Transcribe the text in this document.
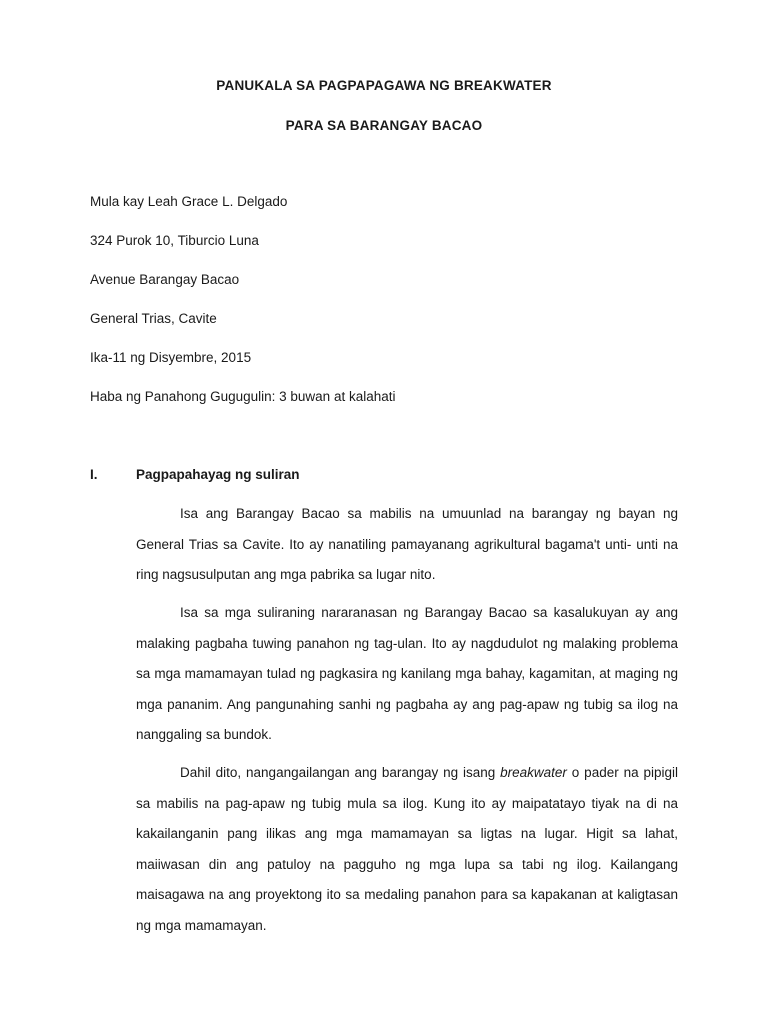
PANUKALA SA PAGPAPAGAWA NG BREAKWATER
PARA SA BARANGAY BACAO
Mula kay Leah Grace L. Delgado
324 Purok 10, Tiburcio Luna
Avenue Barangay Bacao
General Trias, Cavite
Ika-11 ng Disyembre, 2015
Haba ng Panahong Gugugulin: 3 buwan at kalahati
I.	Pagpapahayag ng suliran

Isa ang Barangay Bacao sa mabilis na umuunlad na barangay ng bayan ng General Trias sa Cavite. Ito ay nanatiling pamayanang agrikultural bagama't unti- unti na ring nagsusulputan ang mga pabrika sa lugar nito.

Isa sa mga suliraning nararanasan ng Barangay Bacao sa kasalukuyan ay ang malaking pagbaha tuwing panahon ng tag-ulan. Ito ay nagdudulot ng malaking problema sa mga mamamayan tulad ng pagkasira ng kanilang mga bahay, kagamitan, at maging ng mga pananim. Ang pangunahing sanhi ng pagbaha ay ang pag-apaw ng tubig sa ilog na nanggaling sa bundok.

Dahil dito, nangangailangan ang barangay ng isang breakwater o pader na pipigil sa mabilis na pag-apaw ng tubig mula sa ilog. Kung ito ay maipatatayo tiyak na di na kakailanganin pang ilikas ang mga mamamayan sa ligtas na lugar. Higit sa lahat, maiiwasan din ang patuloy na pagguho ng mga lupa sa tabi ng ilog. Kailangang maisagawa na ang proyektong ito sa medaling panahon para sa kapakanan at kaligtasan ng mga mamamayan.
